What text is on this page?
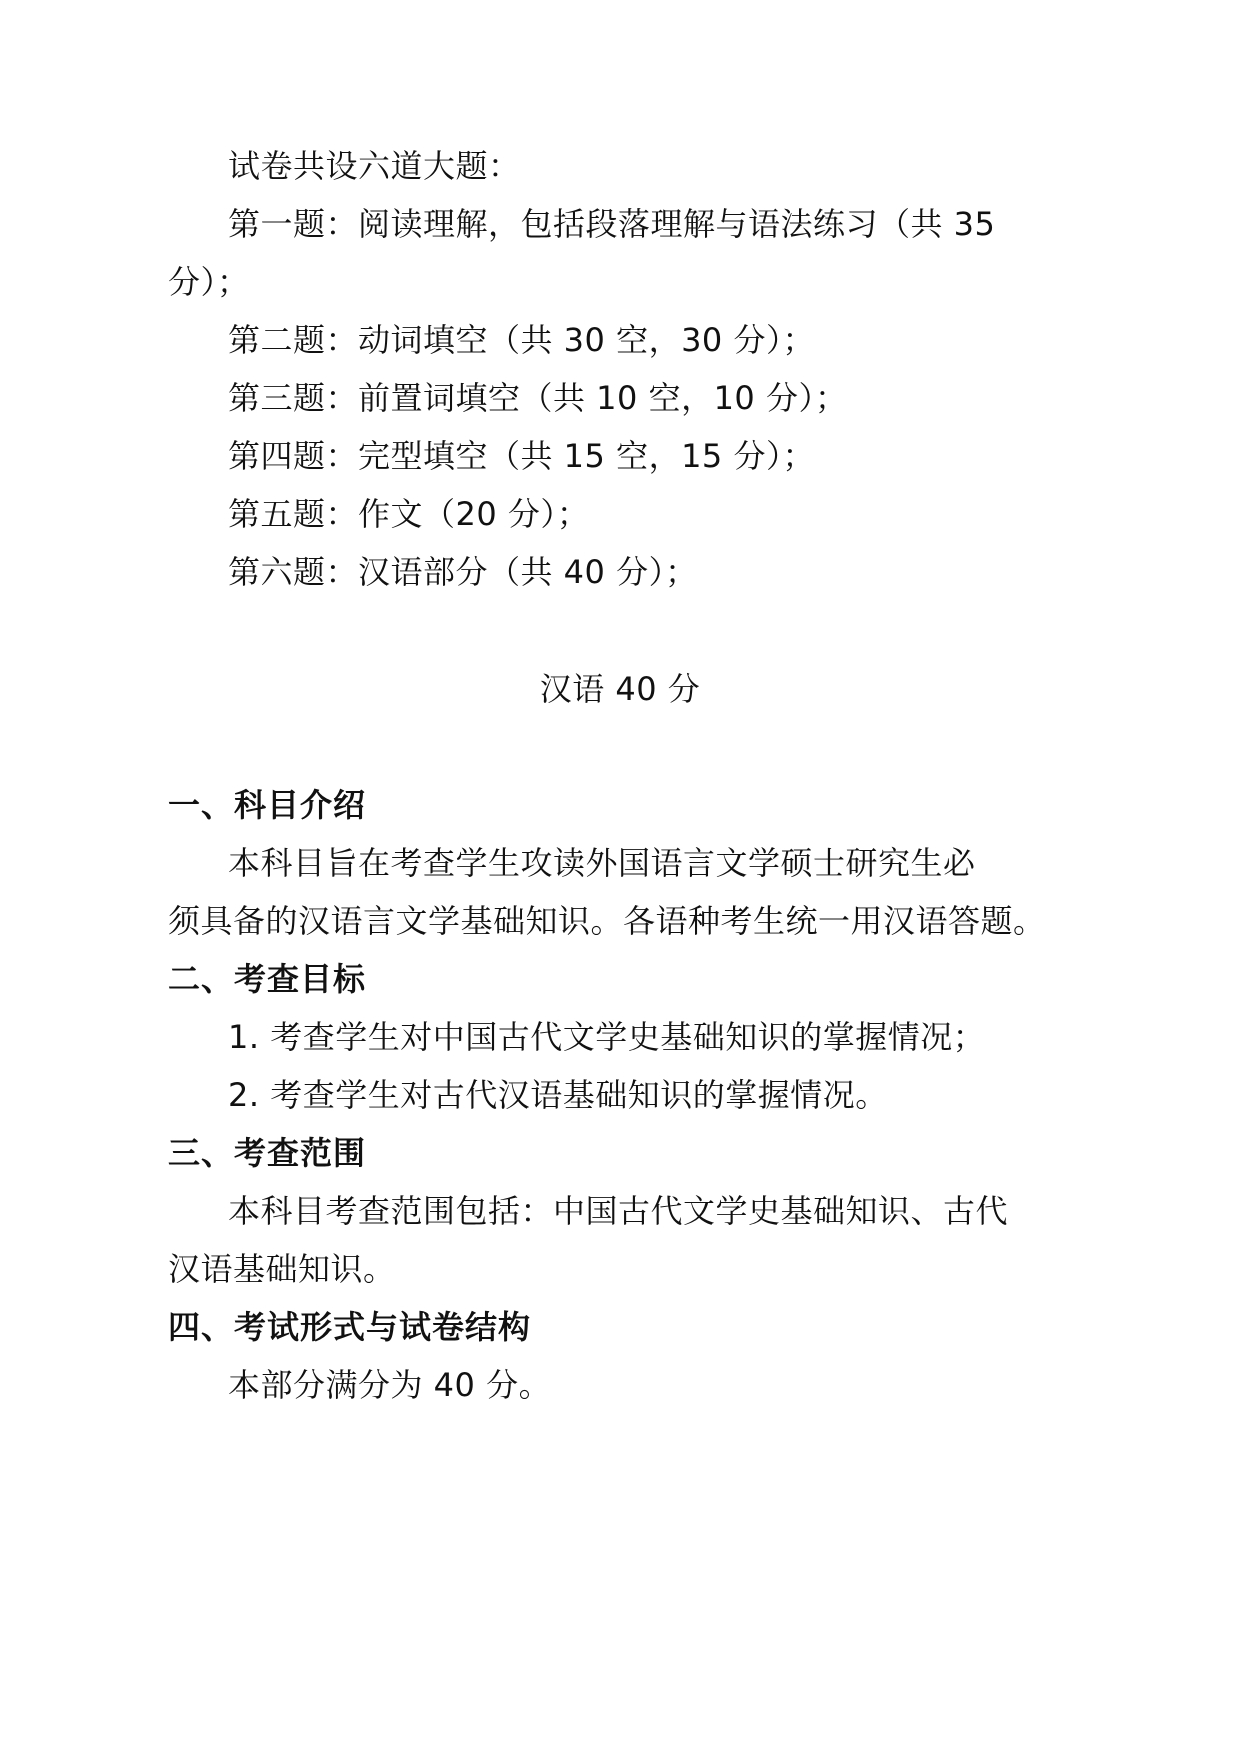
试卷共设六道大题：
第一题：阅读理解，包括段落理解与语法练习（共 35
分）；
第二题：动词填空（共 30 空，30 分）；
第三题：前置词填空（共 10 空，10 分）；
第四题：完型填空（共 15 空，15 分）；
第五题：作文（20 分）；
第六题：汉语部分（共 40 分）；
汉语 40 分
一、科目介绍
本科目旨在考查学生攻读外国语言文学硕士研究生必
须具备的汉语言文学基础知识。各语种考生统一用汉语答题。
二、考查目标
1. 考查学生对中国古代文学史基础知识的掌握情况；
2. 考查学生对古代汉语基础知识的掌握情况。
三、考查范围
本科目考查范围包括：中国古代文学史基础知识、古代
汉语基础知识。
四、考试形式与试卷结构
本部分满分为 40 分。
